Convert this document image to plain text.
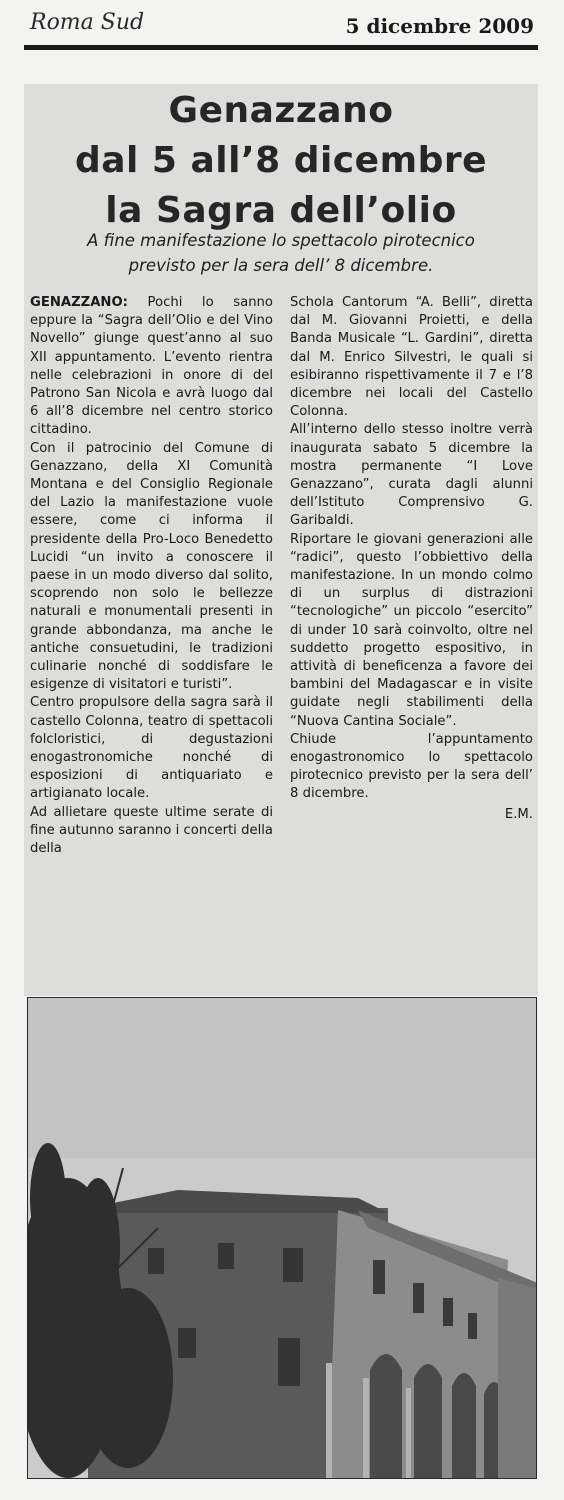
Roma Sud	5 dicembre 2009
Genazzano
dal 5 all’8 dicembre
la Sagra dell’olio
A fine manifestazione lo spettacolo pirotecnico
previsto per la sera dell’ 8 dicembre.

GENAZZANO: Pochi lo sanno eppure la “Sagra dell’Olio e del Vino Novello” giunge quest’anno al suo XII appuntamento. L’evento rientra nelle celebrazioni in onore di del Patrono San Nicola e avrà luogo dal 6 all’8 dicembre nel centro storico cittadino.

Con il patrocinio del Comune di Genazzano, della XI Comunità Montana e del Consiglio Regionale del Lazio la manifestazione vuole essere, come ci informa il presidente della Pro-Loco Benedetto Lucidi “un invito a conoscere il paese in un modo diverso dal solito, scoprendo non solo le bellezze naturali e monumentali presenti in grande abbondanza, ma anche le antiche consuetudini, le tradizioni culinarie nonché di soddisfare le esigenze di visitatori e turisti”.

Centro propulsore della sagra sarà il castello Colonna, teatro di spettacoli folcloristici, di degustazioni enogastronomiche nonché di esposizioni di antiquariato e artigianato locale.

Ad allietare queste ultime serate di fine autunno saranno i concerti della della

Schola Cantorum “A. Belli”, diretta dal M. Giovanni Proietti, e della Banda Musicale “L. Gardini”, diretta dal M. Enrico Silvestri, le quali si esibiranno rispettivamente il 7 e l’8 dicembre nei locali del Castello Colonna.

All’interno dello stesso inoltre verrà inaugurata sabato 5 dicembre la mostra permanente “I Love Genazzano”, curata dagli alunni dell’Istituto Comprensivo G. Garibaldi.

Riportare le giovani generazioni alle “radici”, questo l’obbiettivo della manifestazione. In un mondo colmo di un surplus di distrazioni “tecnologiche” un piccolo “esercito” di under 10 sarà coinvolto, oltre nel suddetto progetto espositivo, in attività di beneficenza a favore dei bambini del Madagascar e in visite guidate negli stabilimenti della “Nuova Cantina Sociale”.

Chiude l’appuntamento enogastronomico lo spettacolo pirotecnico previsto per la sera dell’ 8 dicembre.

E.M.
